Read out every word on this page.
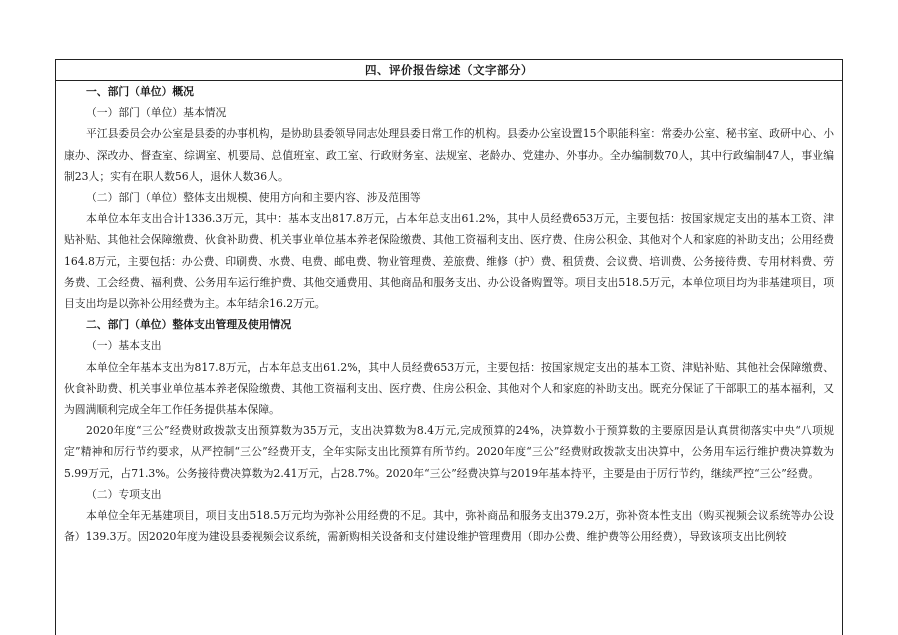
四、评价报告综述（文字部分）
一、部门（单位）概况
（一）部门（单位）基本情况
平江县委员会办公室是县委的办事机构，是协助县委领导同志处理县委日常工作的机构。县委办公室设置15个职能科室：常委办公室、秘书室、政研中心、小康办、深改办、督查室、综调室、机要局、总值班室、政工室、行政财务室、法规室、老龄办、党建办、外事办。全办编制数70人，其中行政编制47人，事业编制23人；实有在职人数56人，退休人数36人。
（二）部门（单位）整体支出规模、使用方向和主要内容、涉及范围等
本单位本年支出合计1336.3万元，其中：基本支出817.8万元，占本年总支出61.2%，其中人员经费653万元，主要包括：按国家规定支出的基本工资、津贴补贴、其他社会保障缴费、伙食补助费、机关事业单位基本养老保险缴费、其他工资福利支出、医疗费、住房公积金、其他对个人和家庭的补助支出；公用经费164.8万元，主要包括：办公费、印刷费、水费、电费、邮电费、物业管理费、差旅费、维修（护）费、租赁费、会议费、培训费、公务接待费、专用材料费、劳务费、工会经费、福利费、公务用车运行维护费、其他交通费用、其他商品和服务支出、办公设备购置等。项目支出518.5万元，本单位项目均为非基建项目，项目支出均是以弥补公用经费为主。本年结余16.2万元。
二、部门（单位）整体支出管理及使用情况
（一）基本支出
本单位全年基本支出为817.8万元，占本年总支出61.2%，其中人员经费653万元，主要包括：按国家规定支出的基本工资、津贴补贴、其他社会保障缴费、伙食补助费、机关事业单位基本养老保险缴费、其他工资福利支出、医疗费、住房公积金、其他对个人和家庭的补助支出。既充分保证了干部职工的基本福利，又为圆满顺利完成全年工作任务提供基本保障。
2020年度“三公”经费财政拨款支出预算数为35万元，支出决算数为8.4万元,完成预算的24%，决算数小于预算数的主要原因是认真贯彻落实中央“八项规定”精神和厉行节约要求，从严控制“三公”经费开支，全年实际支出比预算有所节约。2020年度“三公”经费财政拨款支出决算中，公务用车运行维护费决算数为5.99万元，占71.3%。公务接待费决算数为2.41万元，占28.7%。2020年“三公”经费决算与2019年基本持平，主要是由于厉行节约，继续严控“三公”经费。
（二）专项支出
本单位全年无基建项目，项目支出518.5万元均为弥补公用经费的不足。其中，弥补商品和服务支出379.2万，弥补资本性支出（购买视频会议系统等办公设备）139.3万。因2020年度为建设县委视频会议系统，需新购相关设备和支付建设维护管理费用（即办公费、维护费等公用经费），导致该项支出比例较
